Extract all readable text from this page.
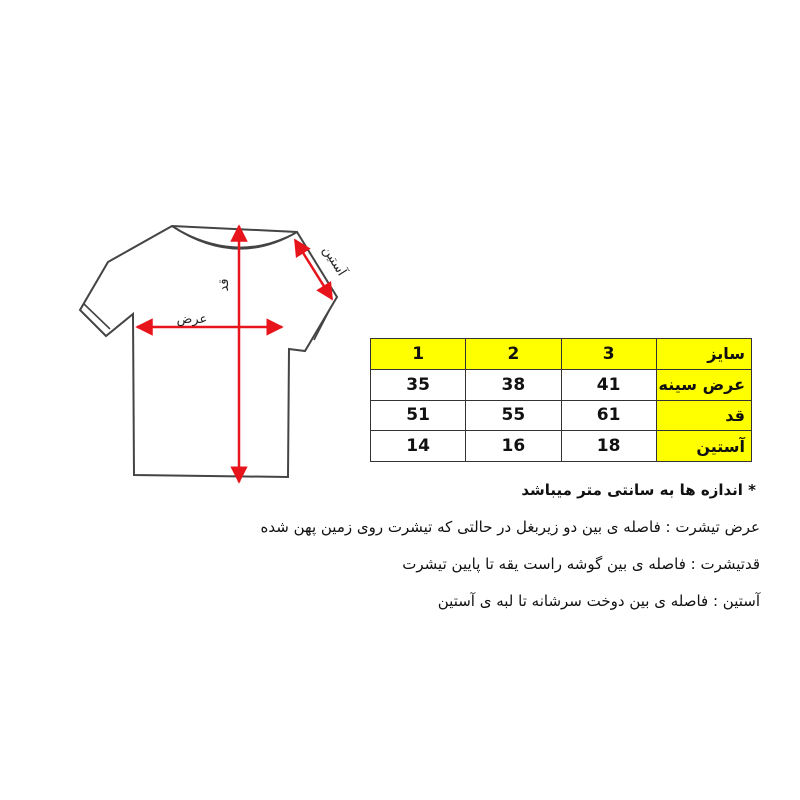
قد
عرض
آستین
1	2	3	سایز
35	38	41	عرض سینه
51	55	61	قد
14	16	18	آستین

* اندازه ها به سانتی متر میباشد

عرض تیشرت : فاصله ی بین دو زیربغل در حالتی که تیشرت روی زمین پهن شده

قدتیشرت : فاصله ی بین گوشه راست یقه تا پایین تیشرت

آستین : فاصله ی بین دوخت سرشانه تا لبه ی آستین
